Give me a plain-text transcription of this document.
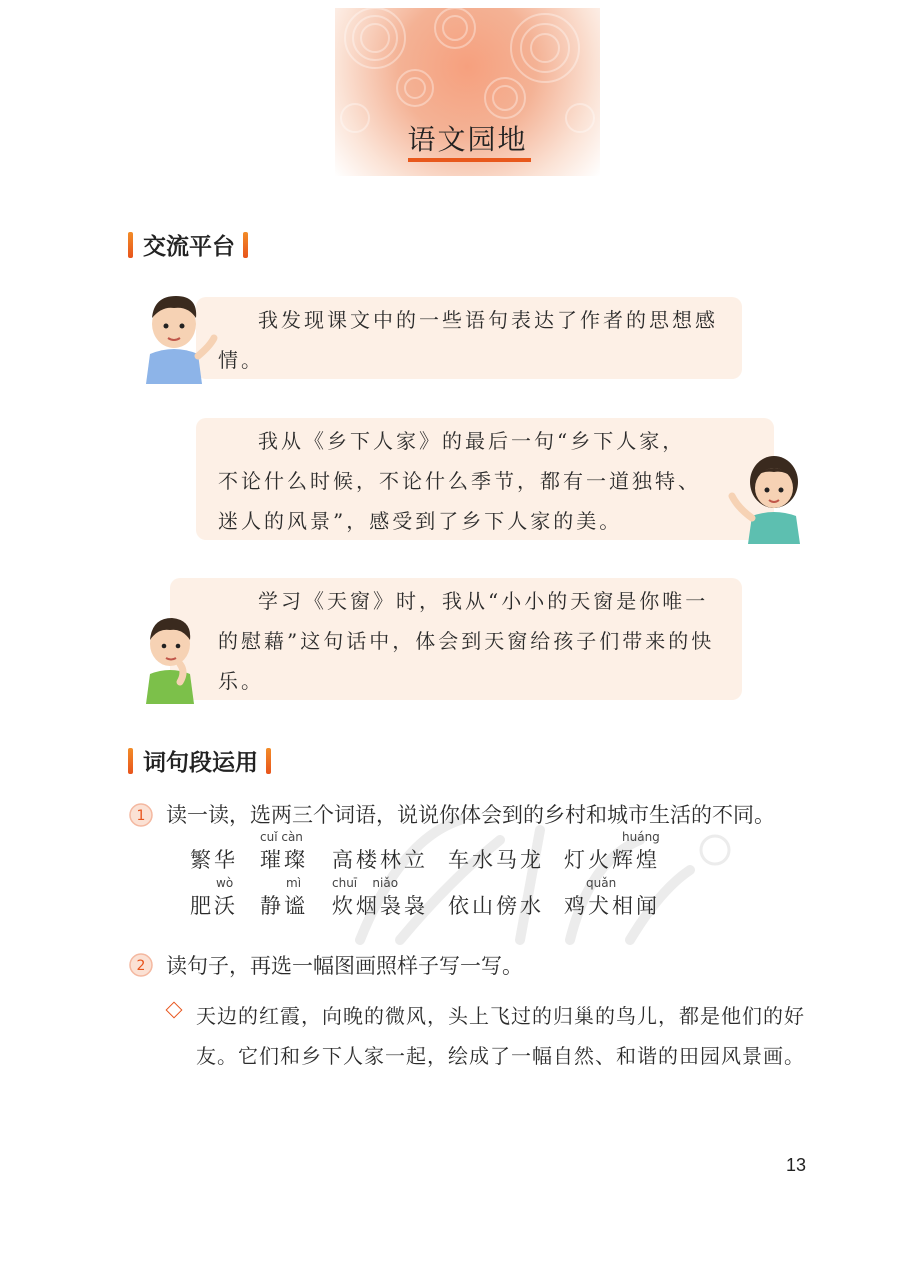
语文园地
交流平台

我发现课文中的一些语句表达了作者的思想感情。

我从《乡下人家》的最后一句“乡下人家，不论什么时候，不论什么季节，都有一道独特、迷人的风景”，感受到了乡下人家的美。

学习《天窗》时，我从“小小的天窗是你唯一的慰藉”这句话中，体会到天窗给孩子们带来的快乐。

词句段运用
1 读一读，选两三个词语，说说你体会到的乡村和城市生活的不同。
繁华
cuǐ càn
璀璨 高楼林立 车水马龙
huáng
灯火辉煌
wò
肥沃
mì
静谧
chuī    niǎo
炊烟袅袅 依山傍水
quǎn
鸡犬相闻
2 读句子，再选一幅图画照样子写一写。
天边的红霞，向晚的微风，头上飞过的归巢的鸟儿，都是他们的好友。它们和乡下人家一起，绘成了一幅自然、和谐的田园风景画。
13
